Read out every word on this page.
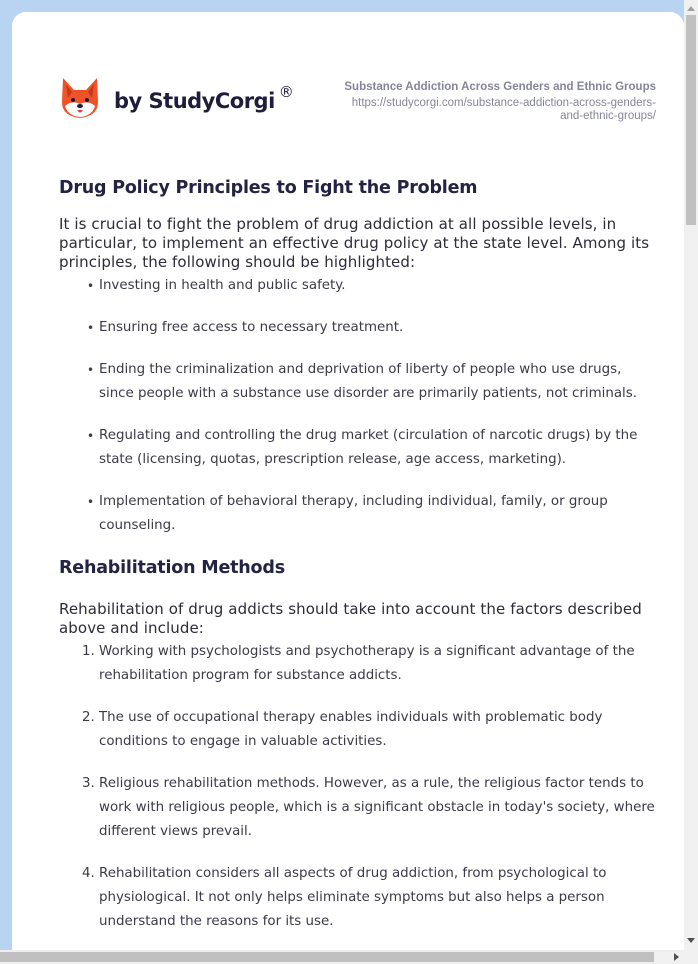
by StudyCorgi ®	Substance Addiction Across Genders and Ethnic Groups
https://studycorgi.com/substance-addiction-across-genders-
and-ethnic-groups/
Drug Policy Principles to Fight the Problem

It is crucial to fight the problem of drug addiction at all possible levels, in particular, to implement an effective drug policy at the state level. Among its principles, the following should be highlighted:

• Investing in health and public safety.
• Ensuring free access to necessary treatment.
• Ending the criminalization and deprivation of liberty of people who use drugs, since people with a substance use disorder are primarily patients, not criminals.
• Regulating and controlling the drug market (circulation of narcotic drugs) by the state (licensing, quotas, prescription release, age access, marketing).
• Implementation of behavioral therapy, including individual, family, or group counseling.
Rehabilitation Methods

Rehabilitation of drug addicts should take into account the factors described above and include:

1. Working with psychologists and psychotherapy is a significant advantage of the rehabilitation program for substance addicts.
2. The use of occupational therapy enables individuals with problematic body conditions to engage in valuable activities.
3. Religious rehabilitation methods. However, as a rule, the religious factor tends to work with religious people, which is a significant obstacle in today's society, where different views prevail.
4. Rehabilitation considers all aspects of drug addiction, from psychological to physiological. It not only helps eliminate symptoms but also helps a person understand the reasons for its use.
